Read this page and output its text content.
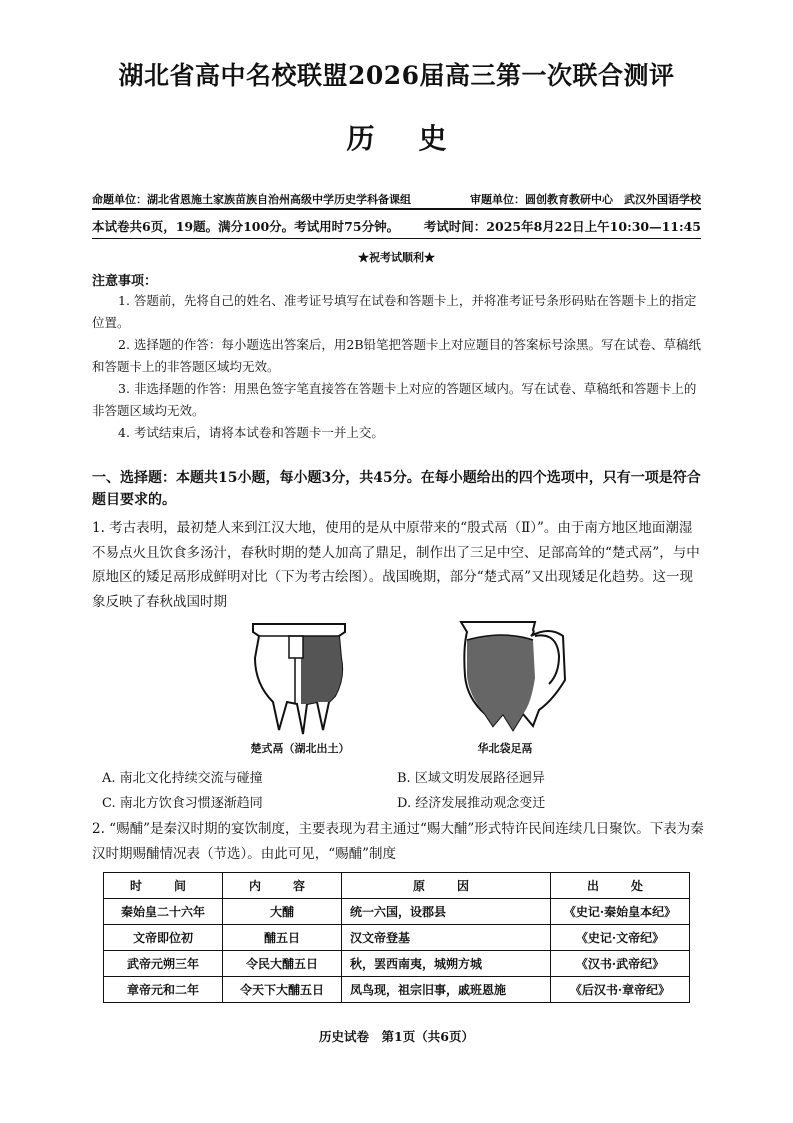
湖北省高中名校联盟2026届高三第一次联合测评
历史
命题单位：湖北省恩施土家族苗族自治州高级中学历史学科备课组	审题单位：圆创教育教研中心　武汉外国语学校
本试卷共6页，19题。满分100分。考试用时75分钟。 考试时间：2025年8月22日上午10:30—11:45
★祝考试顺利★
注意事项：

1. 答题前，先将自己的姓名、准考证号填写在试卷和答题卡上，并将准考证号条形码贴在答题卡上的指定位置。

2. 选择题的作答：每小题选出答案后，用2B铅笔把答题卡上对应题目的答案标号涂黑。写在试卷、草稿纸和答题卡上的非答题区域均无效。

3. 非选择题的作答：用黑色签字笔直接答在答题卡上对应的答题区域内。写在试卷、草稿纸和答题卡上的非答题区域均无效。

4. 考试结束后，请将本试卷和答题卡一并上交。

一、选择题：本题共15小题，每小题3分，共45分。在每小题给出的四个选项中，只有一项是符合题目要求的。
1. 考古表明，最初楚人来到江汉大地，使用的是从中原带来的“殷式鬲（Ⅱ）”。由于南方地区地面潮湿不易点火且饮食多汤汁，春秋时期的楚人加高了鼎足，制作出了三足中空、足部高耸的“楚式鬲”，与中原地区的矮足鬲形成鲜明对比（下为考古绘图）。战国晚期，部分“楚式鬲”又出现矮足化趋势。这一现象反映了春秋战国时期
楚式鬲（湖北出土）	华北袋足鬲
A. 南北文化持续交流与碰撞	B. 区域文明发展路径迥异
C. 南北方饮食习惯逐渐趋同	D. 经济发展推动观念变迁
2. “赐酺”是秦汉时期的宴饮制度，主要表现为君主通过“赐大酺”形式特许民间连续几日聚饮。下表为秦汉时期赐酺情况表（节选）。由此可见，“赐酺”制度
时　间	内　容	原　因	出　处
秦始皇二十六年	大酺	统一六国，设郡县	《史记·秦始皇本纪》
文帝即位初	酺五日	汉文帝登基	《史记·文帝纪》
武帝元朔三年	令民大酺五日	秋，罢西南夷，城朔方城	《汉书·武帝纪》
章帝元和二年	令天下大酺五日	凤鸟现，祖宗旧事，戚班恩施	《后汉书·章帝纪》
历史试卷　第1页（共6页）
